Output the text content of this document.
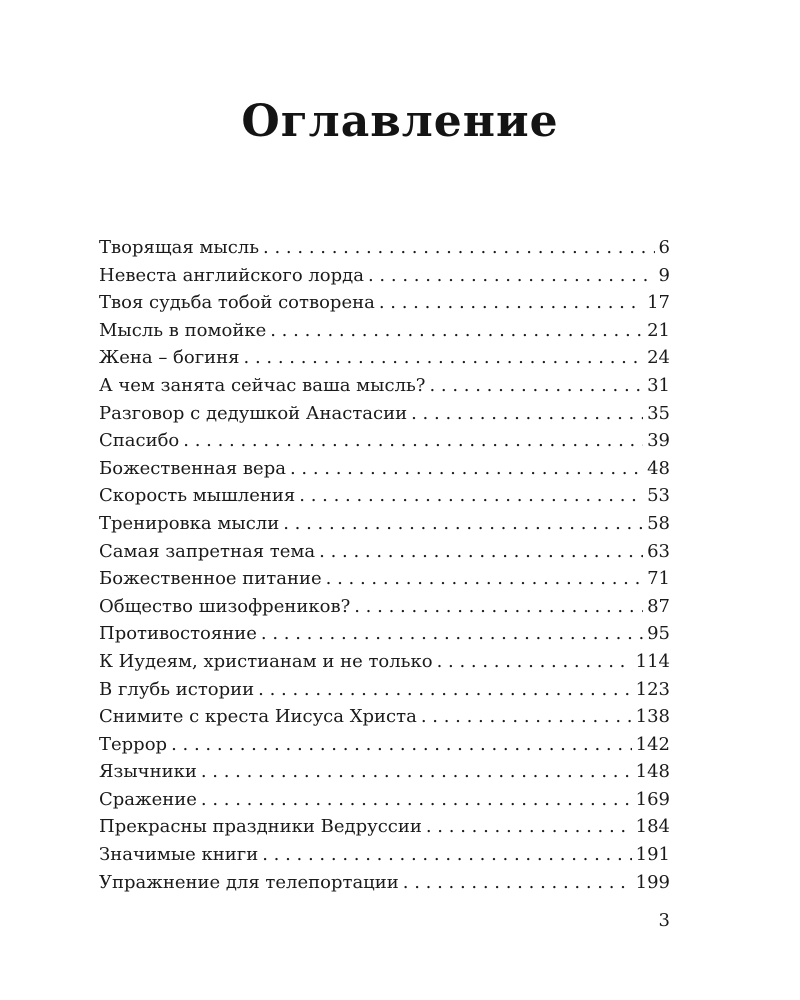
Оглавление
Творящая мысль . . .	6
Невеста английского лорда . . .	9
Твоя судьба тобой сотворена . . .	17
Мысль в помойке . . .	21
Жена – богиня . . .	24
А чем занята сейчас ваша мысль? . . .	31
Разговор с дедушкой Анастасии . . .	35
Спасибо . . .	39
Божественная вера . . .	48
Скорость мышления . . .	53
Тренировка мысли . . .	58
Самая запретная тема . . .	63
Божественное питание . . .	71
Общество шизофреников? . . .	87
Противостояние . . .	95
К Иудеям, христианам и не только . . .	114
В глубь истории . . .	123
Снимите с креста Иисуса Христа . . .	138
Террор . . .	142
Язычники . . .	148
Сражение . . .	169
Прекрасны праздники Ведруссии . . .	184
Значимые книги . . .	191
Упражнение для телепортации . . .	199
3
